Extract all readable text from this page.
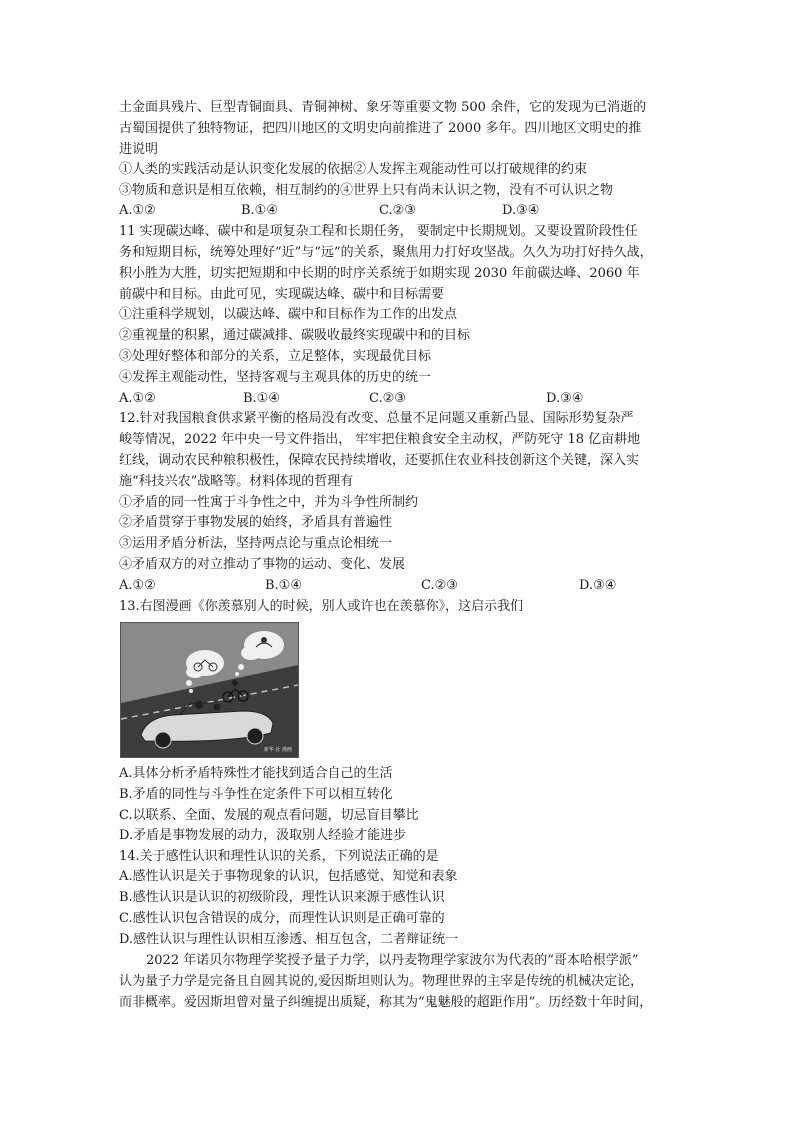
土金面具残片、巨型青铜面具、青铜神树、象牙等重要文物 500 余件，它的发现为已消逝的
古蜀国提供了独特物证，把四川地区的文明史向前推进了 2000 多年。四川地区文明史的推
进说明
①人类的实践活动是认识变化发展的依据②人发挥主观能动性可以打破规律的约束
③物质和意识是相互依赖，相互制约的④世界上只有尚未认识之物，没有不可认识之物
A.①②	B.①④	C.②③	D.③④
11 实现碳达峰、碳中和是项复杂工程和长期任务， 要制定中长期规划。又要设置阶段性任
务和短期目标，统筹处理好“近”与“远”的关系，聚焦用力打好攻坚战。久久为功打好持久战，
积小胜为大胜，切实把短期和中长期的时序关系统于如期实现 2030 年前碳达峰、2060 年
前碳中和目标。由此可见，实现碳达峰、碳中和目标需要
①注重科学规划，以碳达峰、碳中和目标作为工作的出发点
②重视量的积累，通过碳减排、碳吸收最终实现碳中和的目标
③处理好整体和部分的关系，立足整体，实现最优目标
④发挥主观能动性，坚持客观与主观具体的历史的统一
A.①②	B.①④	C.②③	D.③④
12.针对我国粮食供求紧平衡的格局没有改变、总量不足问题又重新凸显、国际形势复杂严
峻等情况，2022 年中央一号文件指出， 牢牢把住粮食安全主动权，严防死守 18 亿亩耕地
红线，调动农民种粮积极性，保障农民持续增收，还要抓住农业科技创新这个关键，深入实
施“科技兴农”战略等。材料体现的哲理有
①矛盾的同一性寓于斗争性之中，并为斗争性所制约
②矛盾贯穿于事物发展的始终，矛盾具有普遍性
③运用矛盾分析法，坚持两点论与重点论相统一
④矛盾双方的对立推动了事物的运动、变化、发展
A.①②	B.①④	C.②③	D.③④
13.右图漫画《你羡慕别人的时候，别人或许也在羡慕你》，这启示我们
新华 社 漫画
A.具体分析矛盾特殊性才能找到适合自己的生活
B.矛盾的同性与斗争性在定条件下可以相互转化
C.以联系、全面、发展的观点看问题，切忌盲目攀比
D.矛盾是事物发展的动力，汲取别人经验才能进步
14.关于感性认识和理性认识的关系，下列说法正确的是
A.感性认识是关于事物现象的认识，包括感觉、知觉和表象
B.感性认识是认识的初级阶段，理性认识来源于感性认识
C.感性认识包含错误的成分，而理性认识则是正确可靠的
D.感性认识与理性认识相互渗透、相互包含，二者辩证统一
2022 年诺贝尔物理学奖授予量子力学，以丹麦物理学家波尔为代表的“哥本哈根学派”
认为量子力学是完备且自圆其说的,爱因斯坦则认为。物理世界的主宰是传统的机械决定论，
而非概率。爱因斯坦曾对量子纠缠提出质疑，称其为“鬼魅般的超距作用”。历经数十年时间，
